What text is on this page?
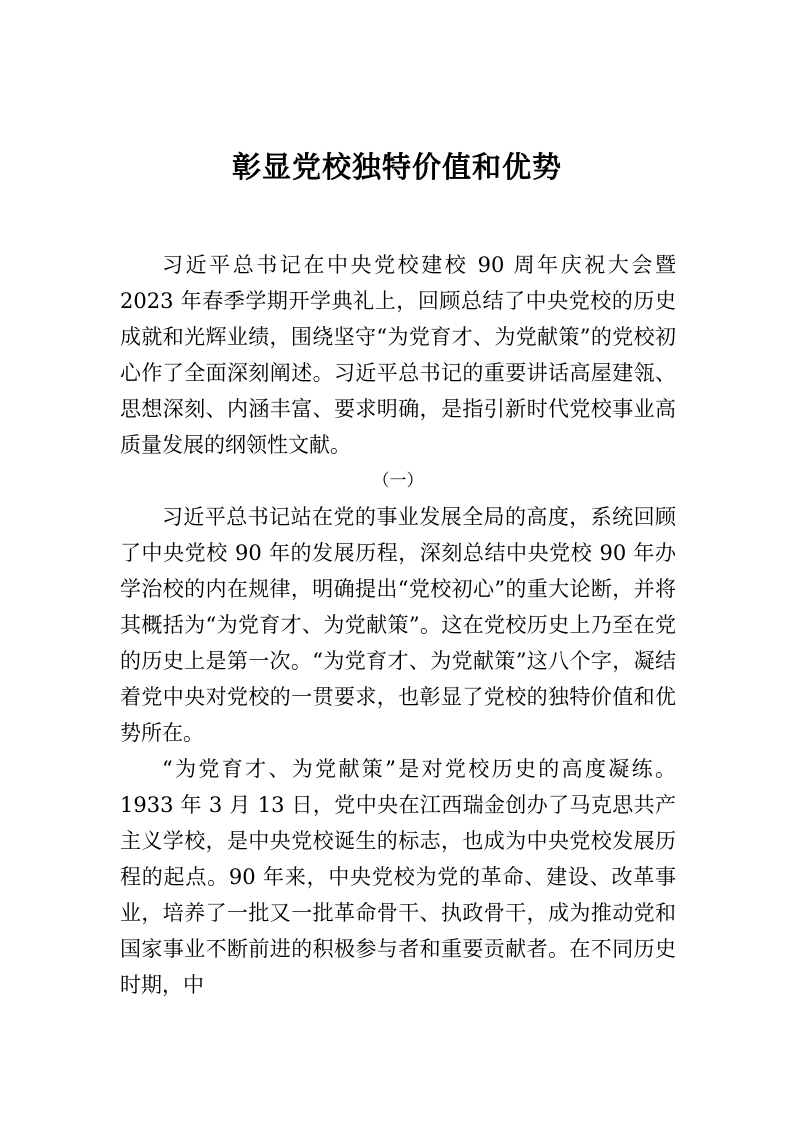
彰显党校独特价值和优势

习近平总书记在中央党校建校 90 周年庆祝大会暨 2023 年春季学期开学典礼上，回顾总结了中央党校的历史成就和光辉业绩，围绕坚守“为党育才、为党献策”的党校初心作了全面深刻阐述。习近平总书记的重要讲话高屋建瓴、思想深刻、内涵丰富、要求明确，是指引新时代党校事业高质量发展的纲领性文献。

（一）

习近平总书记站在党的事业发展全局的高度，系统回顾了中央党校 90 年的发展历程，深刻总结中央党校 90 年办学治校的内在规律，明确提出“党校初心”的重大论断，并将其概括为“为党育才、为党献策”。这在党校历史上乃至在党的历史上是第一次。“为党育才、为党献策”这八个字，凝结着党中央对党校的一贯要求，也彰显了党校的独特价值和优势所在。

“为党育才、为党献策”是对党校历史的高度凝练。1933 年 3 月 13 日，党中央在江西瑞金创办了马克思共产主义学校，是中央党校诞生的标志，也成为中央党校发展历程的起点。90 年来，中央党校为党的革命、建设、改革事业，培养了一批又一批革命骨干、执政骨干，成为推动党和国家事业不断前进的积极参与者和重要贡献者。在不同历史时期，中
